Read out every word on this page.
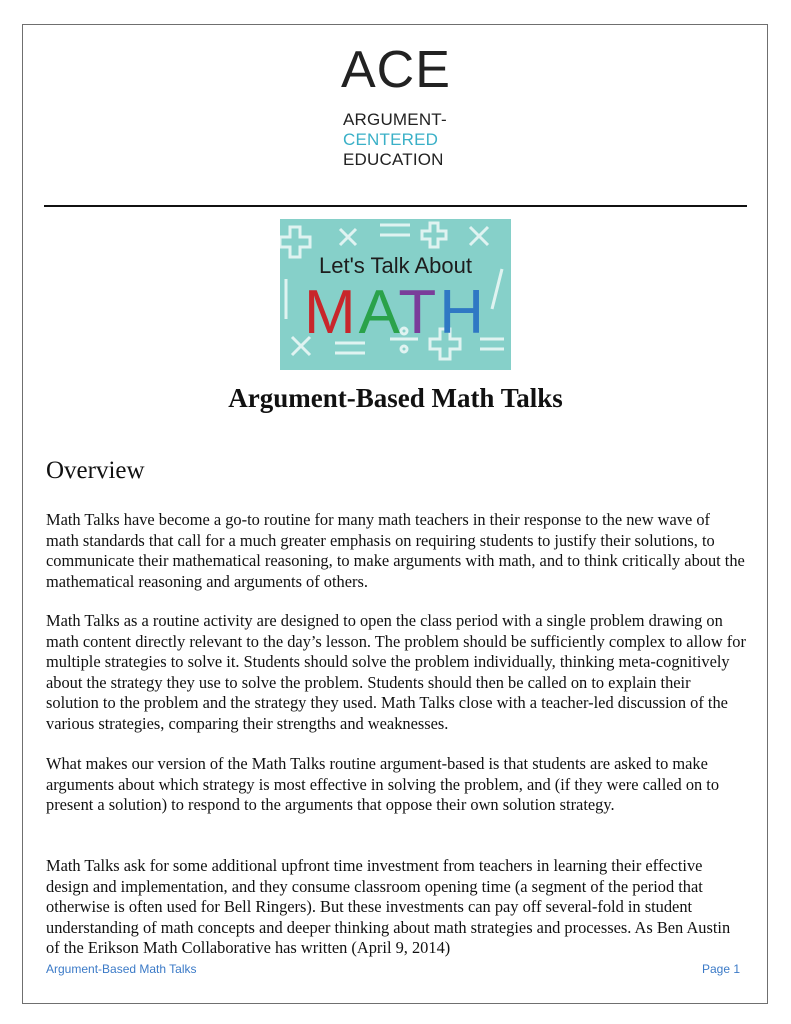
ACE
ARGUMENT-
CENTERED
EDUCATION
Let's Talk About
MATH
Argument-Based Math Talks
Overview
Math Talks have become a go-to routine for many math teachers in their response to the new wave of math standards that call for a much greater emphasis on requiring students to justify their solutions, to communicate their mathematical reasoning, to make arguments with math, and to think critically about the mathematical reasoning and arguments of others.
Math Talks as a routine activity are designed to open the class period with a single problem drawing on math content directly relevant to the day’s lesson. The problem should be sufficiently complex to allow for multiple strategies to solve it. Students should solve the problem individually, thinking meta-cognitively about the strategy they use to solve the problem. Students should then be called on to explain their solution to the problem and the strategy they used. Math Talks close with a teacher-led discussion of the various strategies, comparing their strengths and weaknesses.
What makes our version of the Math Talks routine argument-based is that students are asked to make arguments about which strategy is most effective in solving the problem, and (if they were called on to present a solution) to respond to the arguments that oppose their own solution strategy.
Math Talks ask for some additional upfront time investment from teachers in learning their effective design and implementation, and they consume classroom opening time (a segment of the period that otherwise is often used for Bell Ringers). But these investments can pay off several-fold in student understanding of math concepts and deeper thinking about math strategies and processes. As Ben Austin of the Erikson Math Collaborative has written (April 9, 2014)
Argument-Based Math Talks	Page 1
